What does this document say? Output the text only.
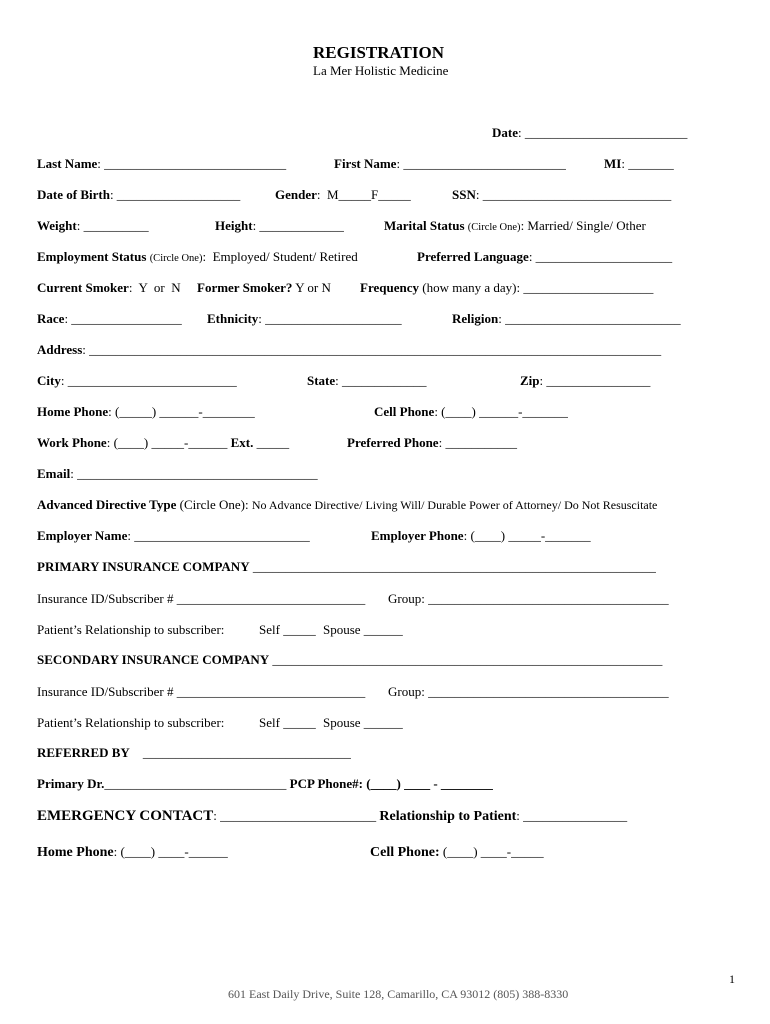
REGISTRATION
La Mer Holistic Medicine
Date: _________________________
Last Name: ____________________________	First Name: _________________________	MI: _______
Date of Birth: ___________________	Gender:  M_____F_____	SSN: _____________________________
Weight: __________	Height: _____________	Marital Status (Circle One): Married/ Single/ Other
Employment Status (Circle One):  Employed/ Student/ Retired	Preferred Language: _____________________
Current Smoker:  Y  or  N Former Smoker? Y or N Frequency (how many a day): ____________________
Race: _________________ Ethnicity: _____________________	Religion: ___________________________
Address: ________________________________________________________________________________________
City: __________________________	State: _____________	Zip: ________________
Home Phone: (_____) ______-________	Cell Phone: (____) ______-_______
Work Phone: (____) _____-______ Ext. _____	Preferred Phone: ___________
Email: _____________________________________
Advanced Directive Type (Circle One): No Advance Directive/ Living Will/ Durable Power of Attorney/ Do Not Resuscitate
Employer Name: ___________________________	Employer Phone: (____) _____-_______
PRIMARY INSURANCE COMPANY ______________________________________________________________
Insurance ID/Subscriber # _____________________________ Group: _____________________________________
Patient’s Relationship to subscriber:	Self _____ Spouse ______
SECONDARY INSURANCE COMPANY ____________________________________________________________
Insurance ID/Subscriber # _____________________________ Group: _____________________________________
Patient’s Relationship to subscriber:	Self _____ Spouse ______
REFERRED BY    ________________________________
Primary Dr.____________________________ PCP Phone#: (____) ____ - ________
EMERGENCY CONTACT: ________________________ Relationship to Patient: ________________
Home Phone: (____) ____-______	Cell Phone: (____) ____-_____
1
601 East Daily Drive, Suite 128, Camarillo, CA 93012 (805) 388-8330
